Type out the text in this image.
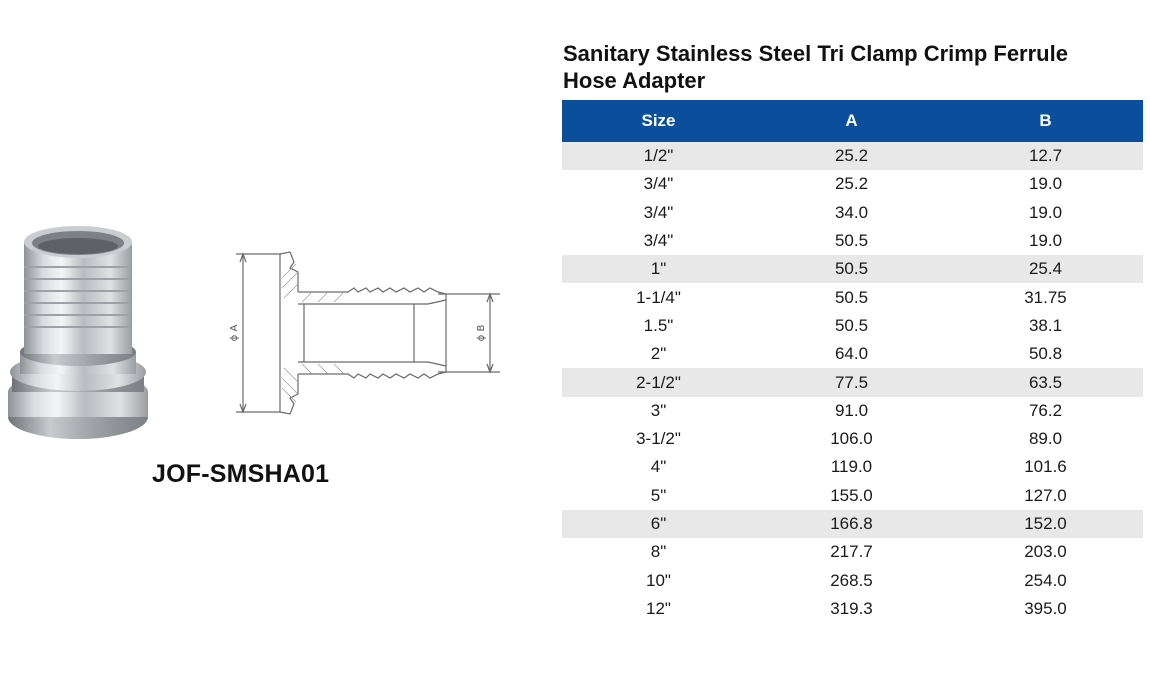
ϕ A	ϕ B
JOF-SMSHA01
Sanitary Stainless Steel Tri Clamp Crimp Ferrule Hose Adapter
Size	A	B
1/2"	25.2	12.7
3/4"	25.2	19.0
3/4"	34.0	19.0
3/4"	50.5	19.0
1"	50.5	25.4
1-1/4"	50.5	31.75
1.5"	50.5	38.1
2"	64.0	50.8
2-1/2"	77.5	63.5
3"	91.0	76.2
3-1/2"	106.0	89.0
4"	119.0	101.6
5"	155.0	127.0
6"	166.8	152.0
8"	217.7	203.0
10"	268.5	254.0
12"	319.3	395.0
